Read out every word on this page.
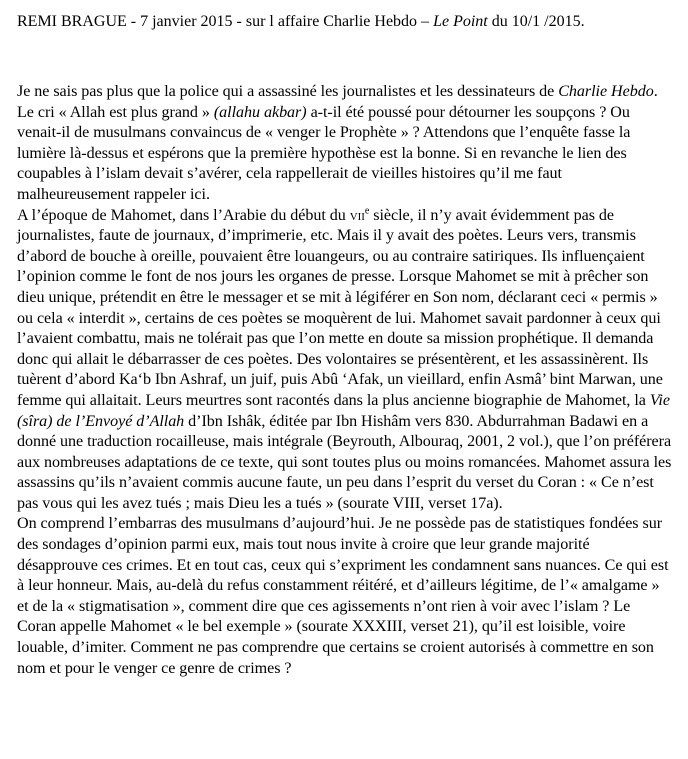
REMI BRAGUE - 7 janvier 2015 - sur l affaire Charlie Hebdo – Le Point du 10/1 /2015.

Je ne sais pas plus que la police qui a assassiné les journalistes et les dessinateurs de Charlie Hebdo. Le cri « Allah est plus grand » (allahu akbar) a-t-il été poussé pour détourner les soupçons ? Ou venait-il de musulmans convaincus de « venger le Prophète » ? Attendons que l’enquête fasse la lumière là-dessus et espérons que la première hypothèse est la bonne. Si en revanche le lien des coupables à l’islam devait s’avérer, cela rappellerait de vieilles histoires qu’il me faut malheureusement rappeler ici.

A l’époque de Mahomet, dans l’Arabie du début du vii$^e$ siècle, il n’y avait évidemment pas de journalistes, faute de journaux, d’imprimerie, etc. Mais il y avait des poètes. Leurs vers, transmis d’abord de bouche à oreille, pouvaient être louangeurs, ou au contraire satiriques. Ils influençaient l’opinion comme le font de nos jours les organes de presse. Lorsque Mahomet se mit à prêcher son dieu unique, prétendit en être le messager et se mit à légiférer en Son nom, déclarant ceci « permis » ou cela « interdit », certains de ces poètes se moquèrent de lui. Mahomet savait pardonner à ceux qui l’avaient combattu, mais ne tolérait pas que l’on mette en doute sa mission prophétique. Il demanda donc qui allait le débarrasser de ces poètes. Des volontaires se présentèrent, et les assassinèrent. Ils tuèrent d’abord Ka‘b Ibn Ashraf, un juif, puis Abû ‘Afak, un vieillard, enfin Asmâ’ bint Marwan, une femme qui allaitait. Leurs meurtres sont racontés dans la plus ancienne biographie de Mahomet, la Vie (sîra) de l’Envoyé d’Allah d’Ibn Ishâk, éditée par Ibn Hishâm vers 830. Abdurrahman Badawi en a donné une traduction rocailleuse, mais intégrale (Beyrouth, Albouraq, 2001, 2 vol.), que l’on préférera aux nombreuses adaptations de ce texte, qui sont toutes plus ou moins romancées. Mahomet assura les assassins qu’ils n’avaient commis aucune faute, un peu dans l’esprit du verset du Coran : « Ce n’est pas vous qui les avez tués ; mais Dieu les a tués » (sourate VIII, verset 17a).

On comprend l’embarras des musulmans d’aujourd’hui. Je ne possède pas de statistiques fondées sur des sondages d’opinion parmi eux, mais tout nous invite à croire que leur grande majorité désapprouve ces crimes. Et en tout cas, ceux qui s’expriment les condamnent sans nuances. Ce qui est à leur honneur. Mais, au-delà du refus constamment réitéré, et d’ailleurs légitime, de l’« amalgame » et de la « stigmatisation », comment dire que ces agissements n’ont rien à voir avec l’islam ? Le Coran appelle Mahomet « le bel exemple » (sourate XXXIII, verset 21), qu’il est loisible, voire louable, d’imiter. Comment ne pas comprendre que certains se croient autorisés à commettre en son nom et pour le venger ce genre de crimes ?
